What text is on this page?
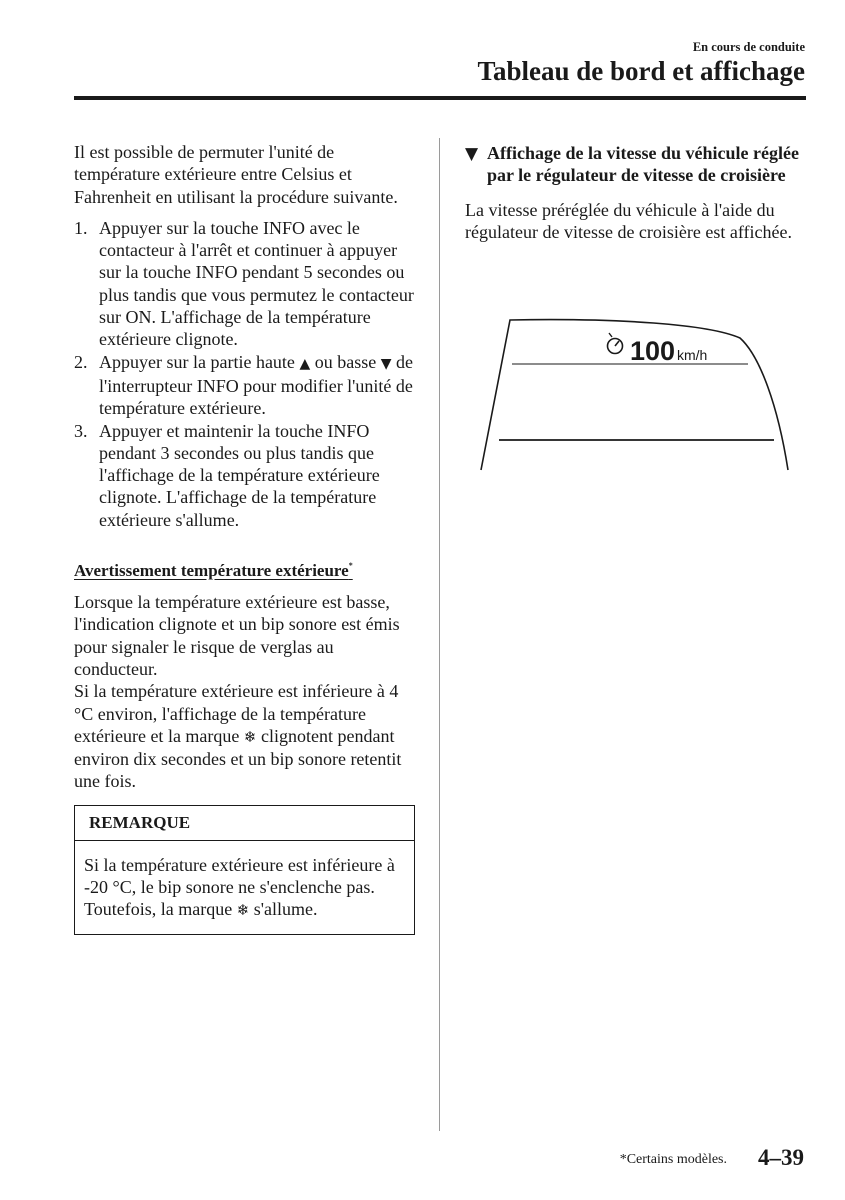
En cours de conduite
Tableau de bord et affichage

Il est possible de permuter l'unité de température extérieure entre Celsius et Fahrenheit en utilisant la procédure suivante.

1. Appuyer sur la touche INFO avec le contacteur à l'arrêt et continuer à appuyer sur la touche INFO pendant 5 secondes ou plus tandis que vous permutez le contacteur sur ON. L'affichage de la température extérieure clignote.
2. Appuyer sur la partie haute ▲ ou basse ▼ de l'interrupteur INFO pour modifier l'unité de température extérieure.
3. Appuyer et maintenir la touche INFO pendant 3 secondes ou plus tandis que l'affichage de la température extérieure clignote. L'affichage de la température extérieure s'allume.
Avertissement température extérieure*

Lorsque la température extérieure est basse, l'indication clignote et un bip sonore est émis pour signaler le risque de verglas au conducteur.

Si la température extérieure est inférieure à 4 °C environ, l'affichage de la température extérieure et la marque ❄ clignotent pendant environ dix secondes et un bip sonore retentit une fois.

REMARQUE
Si la température extérieure est inférieure à -20 °C, le bip sonore ne s'enclenche pas. Toutefois, la marque ❄ s'allume.
▼ Affichage de la vitesse du véhicule réglée par le régulateur de vitesse de croisière

La vitesse préréglée du véhicule à l'aide du régulateur de vitesse de croisière est affichée.

100 km/h
*Certains modèles. 4–39
